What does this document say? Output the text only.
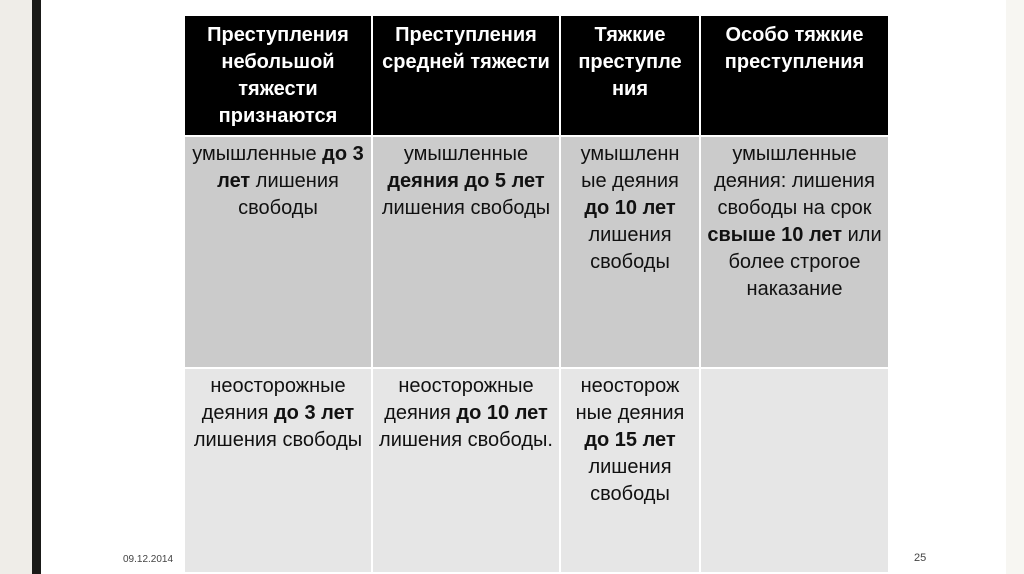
Преступления небольшой тяжести признаются	Преступления средней тяжести	Тяжкие преступле ния	Особо тяжкие преступления
умышленные до 3 лет лишения свободы	умышленные деяния до 5 лет лишения свободы	умышленн ые деяния до 10 лет лишения свободы	умышленные деяния: лишения свободы на срок свыше 10 лет или более строгое наказание
неосторожные деяния до 3 лет лишения свободы	неосторожные деяния до 10 лет лишения свободы.	неосторож ные деяния до 15 лет лишения свободы	
09.12.2014	25
